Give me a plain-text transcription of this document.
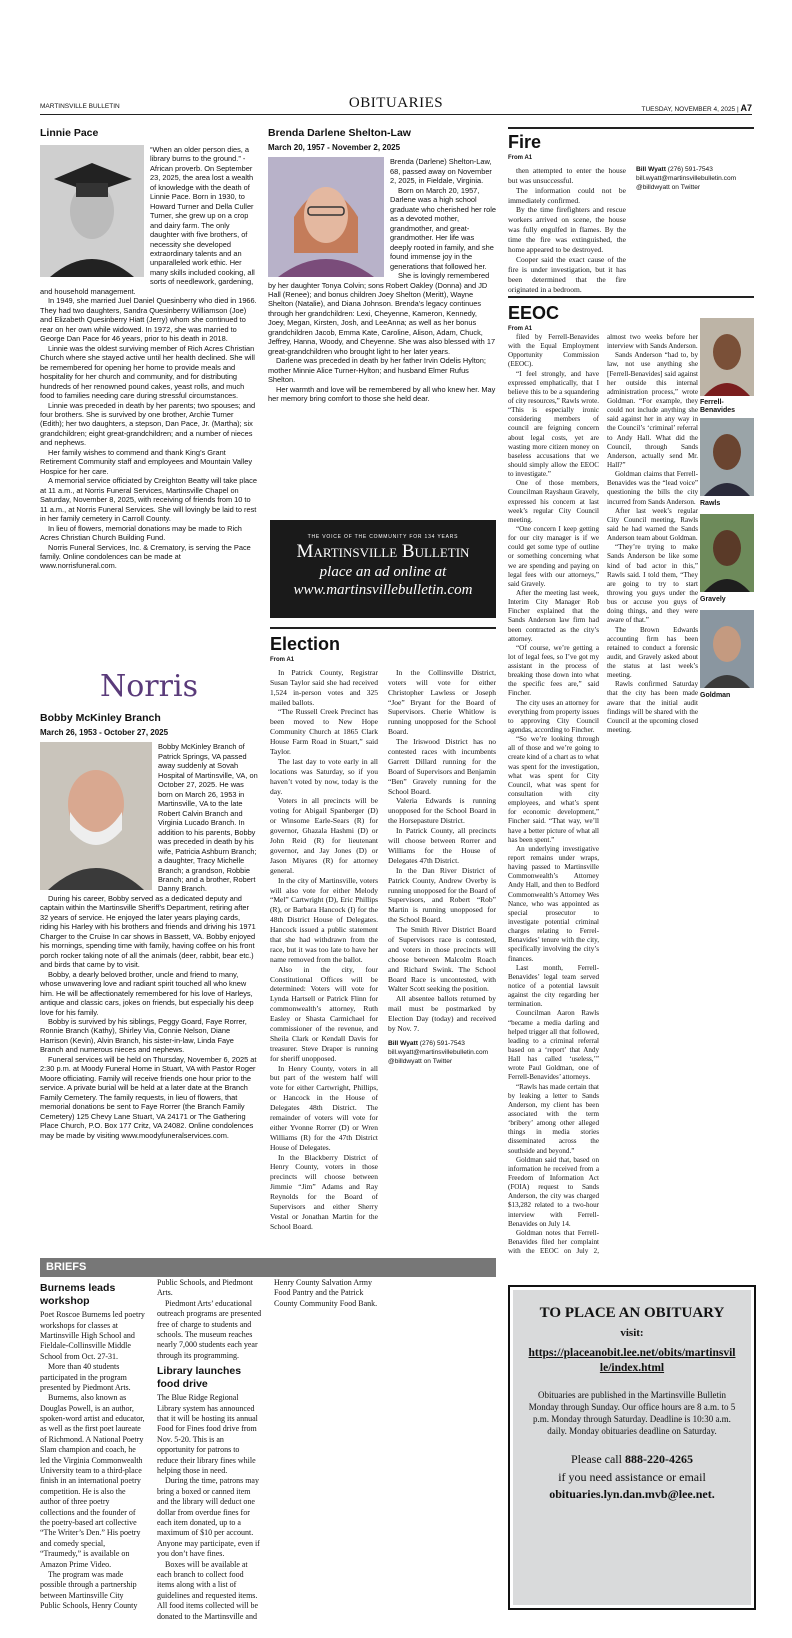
MARTINSVILLE BULLETIN	OBITUARIES	TUESDAY, NOVEMBER 4, 2025 | A7
Linnie Pace

“When an older person dies, a library burns to the ground.” - African proverb. On September 23, 2025, the area lost a wealth of knowledge with the death of Linnie Pace. Born in 1930, to Howard Turner and Della Culler Turner, she grew up on a crop and dairy farm. The only daughter with five brothers, of necessity she developed extraordinary talents and an unparalleled work ethic. Her many skills included cooking, all sorts of needlework, gardening, and household management.

In 1949, she married Juel Daniel Quesinberry who died in 1966. They had two daughters, Sandra Quesinberry Williamson (Joe) and Elizabeth Quesinberry Hiatt (Jerry) whom she continued to rear on her own while widowed. In 1972, she was married to George Dan Pace for 46 years, prior to his death in 2018.

Linnie was the oldest surviving member of Rich Acres Christian Church where she stayed active until her health declined. She will be remembered for opening her home to provide meals and hospitality for her church and community, and for distributing hundreds of her renowned pound cakes, yeast rolls, and much food to families needing care during stressful circumstances.

Linnie was preceded in death by her parents; two spouses; and four brothers. She is survived by one brother, Archie Turner (Edith); her two daughters, a stepson, Dan Pace, Jr. (Martha); six grandchildren; eight great-grandchildren; and a number of nieces and nephews.

Her family wishes to commend and thank King’s Grant Retirement Community staff and employees and Mountain Valley Hospice for her care.

A memorial service officiated by Creighton Beatty will take place at 11 a.m., at Norris Funeral Services, Martinsville Chapel on Saturday, November 8, 2025, with receiving of friends from 10 to 11 a.m., at Norris Funeral Services. She will lovingly be laid to rest in her family cemetery in Carroll County.

In lieu of flowers, memorial donations may be made to Rich Acres Christian Church Building Fund.

Norris Funeral Services, Inc. & Crematory, is serving the Pace family. Online condolences can be made at www.norrisfuneral.com.

Norris
Bobby McKinley Branch
March 26, 1953 - October 27, 2025

Bobby McKinley Branch of Patrick Springs, VA passed away suddenly at Sovah Hospital of Martinsville, VA, on October 27, 2025. He was born on March 26, 1953 in Martinsville, VA to the late Robert Calvin Branch and Virginia Lucado Branch. In addition to his parents, Bobby was preceded in death by his wife, Patricia Ashburn Branch; a daughter, Tracy Michelle Branch; a grandson, Robbie Branch; and a brother, Robert Danny Branch.

During his career, Bobby served as a dedicated deputy and captain within the Martinsville Sheriff’s Department, retiring after 32 years of service. He enjoyed the later years playing cards, riding his Harley with his brothers and friends and driving his 1971 Charger to the Cruise In car shows in Bassett, VA. Bobby enjoyed his mornings, spending time with family, having coffee on his front porch rocker taking note of all the animals (deer, rabbit, bear etc.) and birds that came by to visit.

Bobby, a dearly beloved brother, uncle and friend to many, whose unwavering love and radiant spirit touched all who knew him. He will be affectionately remembered for his love of Harleys, antique and classic cars, jokes on friends, but especially his deep love for his family.

Bobby is survived by his siblings, Peggy Goard, Faye Rorrer, Ronnie Branch (Kathy), Shirley Via, Connie Nelson, Diane Harrison (Kevin), Alvin Branch, his sister-in-law, Linda Faye Branch and numerous nieces and nephews.

Funeral services will be held on Thursday, November 6, 2025 at 2:30 p.m. at Moody Funeral Home in Stuart, VA with Pastor Roger Moore officiating. Family will receive friends one hour prior to the service. A private burial will be held at a later date at the Branch Family Cemetery. The family requests, in lieu of flowers, that memorial donations be sent to Faye Rorrer (the Branch Family Cemetery) 125 Chevy Lane Stuart, VA 24171 or The Gathering Place Church, P.O. Box 177 Critz, VA 24082. Online condolences may be made by visiting www.moodyfuneralservices.com.

Brenda Darlene Shelton-Law
March 20, 1957 - November 2, 2025

Brenda (Darlene) Shelton-Law, 68, passed away on November 2, 2025, in Fieldale, Virginia.

Born on March 20, 1957, Darlene was a high school graduate who cherished her role as a devoted mother, grandmother, and great-grandmother. Her life was deeply rooted in family, and she found immense joy in the generations that followed her.

She is lovingly remembered by her daughter Tonya Colvin; sons Robert Oakley (Donna) and JD Hall (Renee); and bonus children Joey Shelton (Meritt), Wayne Shelton (Natalie), and Diana Johnson. Brenda’s legacy continues through her grandchildren: Lexi, Cheyenne, Kameron, Kennedy, Joey, Megan, Kirsten, Josh, and LeeAnna; as well as her bonus grandchildren Jacob, Emma Kate, Caroline, Alison, Adam, Chuck, Jeffrey, Hanna, Woody, and Cheyenne. She was also blessed with 17 great-grandchildren who brought light to her later years.

Darlene was preceded in death by her father Irvin Odelis Hylton; mother Minnie Alice Turner-Hylton; and husband Elmer Rufus Shelton.

Her warmth and love will be remembered by all who knew her. May her memory bring comfort to those she held dear.

THE VOICE OF THE COMMUNITY FOR 134 YEARS
Martinsville Bulletin
place an ad online at
www.martinsvillebulletin.com
Election
From A1

In Patrick County, Registrar Susan Taylor said she had received 1,524 in-person votes and 325 mailed ballots.

“The Russell Creek Precinct has been moved to New Hope Community Church at 1865 Clark House Farm Road in Stuart,” said Taylor.

The last day to vote early in all locations was Saturday, so if you haven’t voted by now, today is the day.

Voters in all precincts will be voting for Abigail Spanberger (D) or Winsome Earle-Sears (R) for governor, Ghazala Hashmi (D) or John Reid (R) for lieutenant governor, and Jay Jones (D) or Jason Miyares (R) for attorney general.

In the city of Martinsville, voters will also vote for either Melody “Mel” Cartwright (D), Eric Phillips (R), or Barbara Hancock (I) for the 48th District House of Delegates. Hancock issued a public statement that she had withdrawn from the race, but it was too late to have her name removed from the ballot.

Also in the city, four Constitutional Offices will be determined: Voters will vote for Lynda Hartsell or Patrick Flinn for commonwealth’s attorney, Ruth Easley or Shasta Carmichael for commissioner of the revenue, and Sheila Clark or Kendall Davis for treasurer. Steve Draper is running for sheriff unopposed.

In Henry County, voters in all but part of the western half will vote for either Cartwright, Phillips, or Hancock in the House of Delegates 48th District. The remainder of voters will vote for either Yvonne Rorrer (D) or Wren Williams (R) for the 47th District House of Delegates.

In the Blackberry District of Henry County, voters in those precincts will choose between Jimmie “Jim” Adams and Ray Reynolds for the Board of Supervisors and either Sherry Vestal or Jonathan Martin for the School Board.

In the Collinsville District, voters will vote for either Christopher Lawless or Joseph “Joe” Bryant for the Board of Supervisors. Cherie Whitlow is running unopposed for the School Board.

The Iriswood District has no contested races with incumbents Garrett Dillard running for the Board of Supervisors and Benjamin “Ben” Gravely running for the School Board.

Valeria Edwards is running unopposed for the School Board in the Horsepasture District.

In Patrick County, all precincts will choose between Rorrer and Williams for the House of Delegates 47th District.

In the Dan River District of Patrick County, Andrew Overby is running unopposed for the Board of Supervisors, and Robert “Rob” Martin is running unopposed for the School Board.

The Smith River District Board of Supervisors race is contested, and voters in those precincts will choose between Malcolm Roach and Richard Swink. The School Board Race is uncontested, with Walter Scott seeking the position.

All absentee ballots returned by mail must be postmarked by Election Day (today) and received by Nov. 7.

Bill Wyatt (276) 591-7543
bill.wyatt@martinsvillebulletin.com
@billdwyatt on Twitter
Fire
From A1

then attempted to enter the house but was unsuccessful.

The information could not be immediately confirmed.

By the time firefighters and rescue workers arrived on scene, the house was fully engulfed in flames. By the time the fire was extinguished, the home appeared to be destroyed.

Cooper said the exact cause of the fire is under investigation, but it has been determined that the fire originated in a bedroom.

Bill Wyatt (276) 591-7543
bill.wyatt@martinsvillebulletin.com
@billdwyatt on Twitter
EEOC
From A1

filed by Ferrell-Benavides with the Equal Employment Opportunity Commission (EEOC).

“I feel strongly, and have expressed emphatically, that I believe this to be a squandering of city resources,” Rawls wrote. “This is especially ironic considering members of council are feigning concern about legal costs, yet are wasting more citizen money on baseless accusations that we should simply allow the EEOC to investigate.”

One of those members, Councilman Rayshaun Gravely, expressed his concern at last week’s regular City Council meeting.

“One concern I keep getting for our city manager is if we could get some type of outline or something concerning what we are spending and paying on legal fees with our attorneys,” said Gravely.

After the meeting last week, Interim City Manager Rob Fincher explained that the Sands Anderson law firm had been contracted as the city’s attorney.

“Of course, we’re getting a lot of legal fees, so I’ve got my assistant in the process of breaking those down into what the specific fees are,” said Fincher.

The city uses an attorney for everything from property issues to approving City Council agendas, according to Fincher.

“So we’re looking through all of those and we’re going to create kind of a chart as to what was spent for the investigation, what was spent for City Council, what was spent for consultation with city employees, and what’s spent for economic development,” Fincher said. “That way, we’ll have a better picture of what all has been spent.”

An underlying investigative report remains under wraps, having passed to Martinsville Commonwealth’s Attorney Andy Hall, and then to Bedford Commonwealth’s Attorney Wes Nance, who was appointed as special prosecutor to investigate potential criminal charges relating to Ferrel-Benavides’ tenure with the city, specifically involving the city’s finances.

Last month, Ferrell-Benavides’ legal team served notice of a potential lawsuit against the city regarding her termination.

Councilman Aaron Rawls “became a media darling and helped trigger all that followed, leading to a criminal referral based on a ‘report’ that Andy Hall has called ‘useless,’” wrote Paul Goldman, one of Ferrell-Benavides’ attorneys.

“Rawls has made certain that by leaking a letter to Sands Anderson, my client has been associated with the term ‘bribery’ among other alleged things in media stories disseminated across the southside and beyond.”

Goldman said that, based on information he received from a Freedom of Information Act (FOIA) request to Sands Anderson, the city was charged $13,282 related to a two-hour interview with Ferrell-Benavides on July 14.

Goldman notes that Ferrell-Benavides filed her complaint with the EEOC on July 2, almost two weeks before her interview with Sands Anderson.

Sands Anderson “had to, by law, not use anything she [Ferrell-Benavides] said against her outside this internal administration process,” wrote Goldman. “For example, they could not include anything she said against her in any way in the Council’s ‘criminal’ referral to Andy Hall. What did the Council, through Sands Anderson, actually send Mr. Hall?”

Goldman claims that Ferrell-Benavides was the “lead voice” questioning the bills the city incurred from Sands Anderson.

After last week’s regular City Council meeting, Rawls said he had warned the Sands Anderson team about Goldman.

“They’re trying to make Sands Anderson be like some kind of bad actor in this,” Rawls said. I told them, “They are going to try to start throwing you guys under the bus or accuse you guys of doing things, and they were aware of that.”

The Brown Edwards accounting firm has been retained to conduct a forensic audit, and Gravely asked about the status at last week’s meeting.

Rawls confirmed Saturday that the city has been made aware that the initial audit findings will be shared with the Council at the upcoming closed meeting.

Ferrell-Benavides
Rawls
Gravely
Goldman
BRIEFS
Burnems leads workshop

Poet Roscoe Burnems led poetry workshops for classes at Martinsville High School and Fieldale-Collinsville Middle School from Oct. 27-31.

More than 40 students participated in the program presented by Piedmont Arts.

Burnems, also known as Douglas Powell, is an author, spoken-word artist and educator, as well as the first poet laureate of Richmond. A National Poetry Slam champion and coach, he led the Virginia Commonwealth University team to a third-place finish in an international poetry competition. He is also the author of three poetry collections and the founder of the poetry-based art collective “The Writer’s Den.” His poetry and comedy special, “Traumedy,” is available on Amazon Prime Video.

The program was made possible through a partnership between Martinsville City Public Schools, Henry County Public Schools, and Piedmont Arts.

Piedmont Arts’ educational outreach programs are presented free of charge to students and schools. The museum reaches nearly 7,000 students each year through its programming.

Library launches food drive

The Blue Ridge Regional Library system has announced that it will be hosting its annual Food for Fines food drive from Nov. 5-20. This is an opportunity for patrons to reduce their library fines while helping those in need.

During the time, patrons may bring a boxed or canned item and the library will deduct one dollar from overdue fines for each item donated, up to a maximum of $10 per account. Anyone may participate, even if you don’t have fines.

Boxes will be available at each branch to collect food items along with a list of guidelines and requested items. All food items collected will be donated to the Martinsville and Henry County Salvation Army Food Pantry and the Patrick County Community Food Bank.

TO PLACE AN OBITUARY
visit:
https://placeanobit.lee.net/obits/martinsville/index.html
Obituaries are published in the Martinsville Bulletin Monday through Sunday. Our office hours are 8 a.m. to 5 p.m. Monday through Saturday. Deadline is 10:30 a.m. daily. Monday obituaries deadline on Saturday.
Please call 888-220-4265
if you need assistance or email
obituaries.lyn.dan.mvb@lee.net.
